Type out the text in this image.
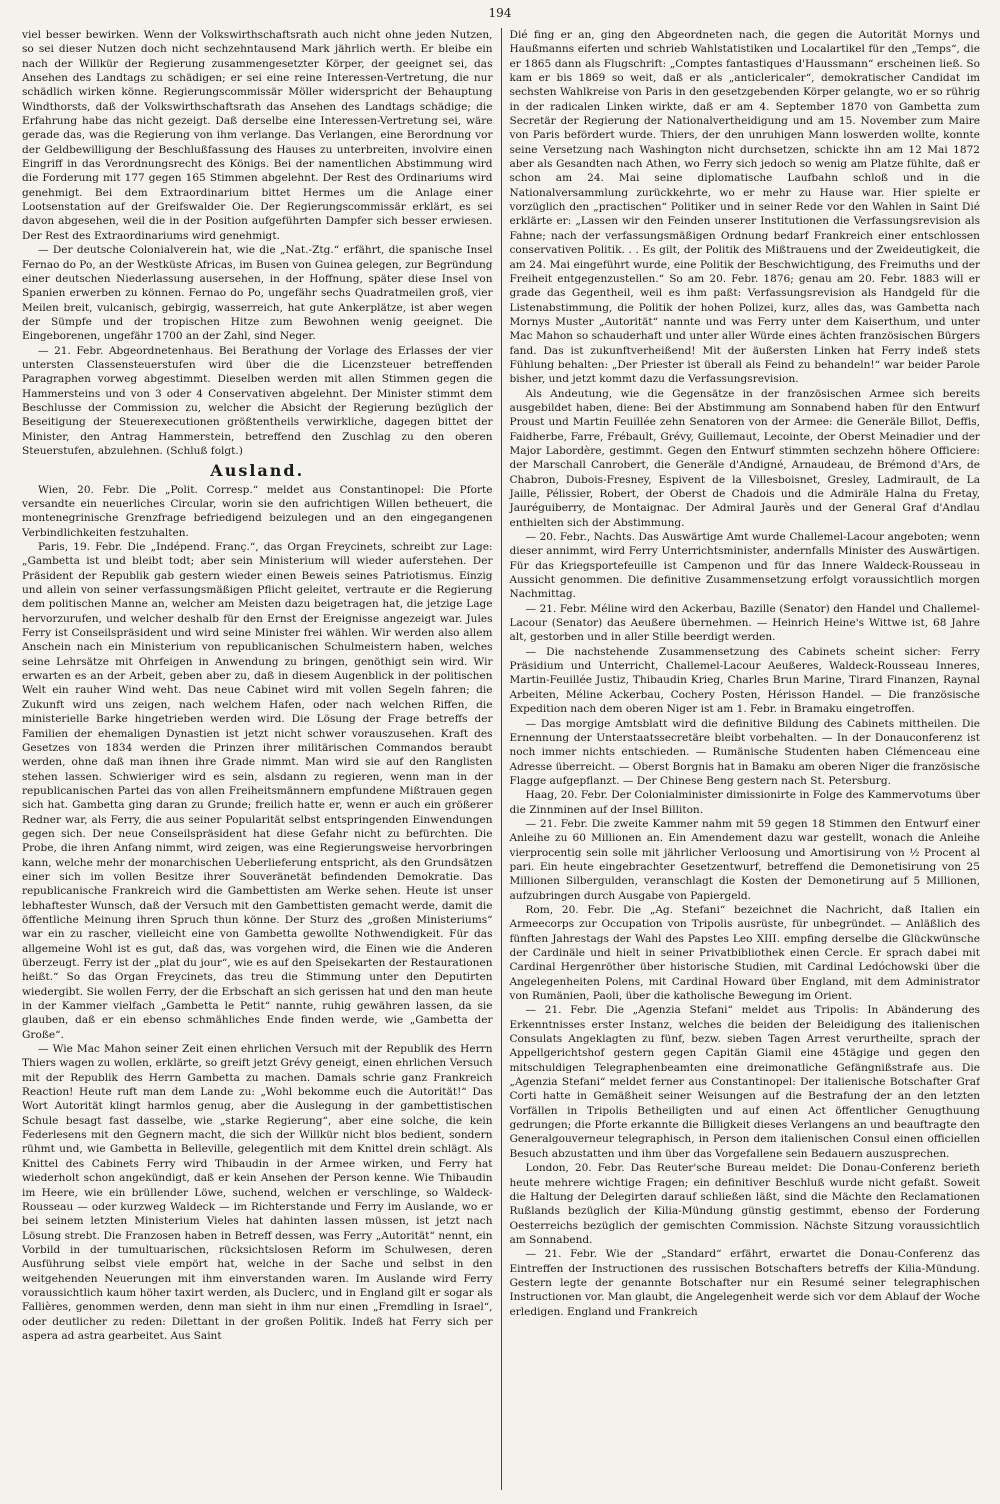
194

viel besser bewirken. Wenn der Volkswirthschaftsrath auch nicht ohne jeden Nutzen, so sei dieser Nutzen doch nicht sechzehntausend Mark jährlich werth. Er bleibe ein nach der Willkür der Regierung zusammengesetzter Körper, der geeignet sei, das Ansehen des Landtags zu schädigen; er sei eine reine Interessen-Vertretung, die nur schädlich wirken könne. Regierungscommissär Möller widerspricht der Behauptung Windthorsts, daß der Volkswirthschaftsrath das Ansehen des Landtags schädige; die Erfahrung habe das nicht gezeigt. Daß derselbe eine Interessen-Vertretung sei, wäre gerade das, was die Regierung von ihm verlange. Das Verlangen, eine Berordnung vor der Geldbewilligung der Beschlußfassung des Hauses zu unterbreiten, involvire einen Eingriff in das Verordnungsrecht des Königs. Bei der namentlichen Abstimmung wird die Forderung mit 177 gegen 165 Stimmen abgelehnt. Der Rest des Ordinariums wird genehmigt. Bei dem Extraordinarium bittet Hermes um die Anlage einer Lootsenstation auf der Greifswalder Oie. Der Regierungscommissär erklärt, es sei davon abgesehen, weil die in der Position aufgeführten Dampfer sich besser erwiesen. Der Rest des Extraordinariums wird genehmigt.

— Der deutsche Colonialverein hat, wie die „Nat.-Ztg.“ erfährt, die spanische Insel Fernao do Po, an der Westküste Africas, im Busen von Guinea gelegen, zur Begründung einer deutschen Niederlassung ausersehen, in der Hoffnung, später diese Insel von Spanien erwerben zu können. Fernao do Po, ungefähr sechs Quadratmeilen groß, vier Meilen breit, vulcanisch, gebirgig, wasserreich, hat gute Ankerplätze, ist aber wegen der Sümpfe und der tropischen Hitze zum Bewohnen wenig geeignet. Die Eingeborenen, ungefähr 1700 an der Zahl, sind Neger.

— 21. Febr. Abgeordnetenhaus. Bei Berathung der Vorlage des Erlasses der vier untersten Classensteuerstufen wird über die die Licenzsteuer betreffenden Paragraphen vorweg abgestimmt. Dieselben werden mit allen Stimmen gegen die Hammersteins und von 3 oder 4 Conservativen abgelehnt. Der Minister stimmt dem Beschlusse der Commission zu, welcher die Absicht der Regierung bezüglich der Beseitigung der Steuerexecutionen größtentheils verwirkliche, dagegen bittet der Minister, den Antrag Hammerstein, betreffend den Zuschlag zu den oberen Steuerstufen, abzulehnen. (Schluß folgt.)

Ausland.

Wien, 20. Febr. Die „Polit. Corresp.“ meldet aus Constantinopel: Die Pforte versandte ein neuerliches Circular, worin sie den aufrichtigen Willen betheuert, die montenegrinische Grenzfrage befriedigend beizulegen und an den eingegangenen Verbindlichkeiten festzuhalten.

Paris, 19. Febr. Die „Indépend. Franç.“, das Organ Freycinets, schreibt zur Lage: „Gambetta ist und bleibt todt; aber sein Ministerium will wieder auferstehen. Der Präsident der Republik gab gestern wieder einen Beweis seines Patriotismus. Einzig und allein von seiner verfassungsmäßigen Pflicht geleitet, vertraute er die Regierung dem politischen Manne an, welcher am Meisten dazu beigetragen hat, die jetzige Lage hervorzurufen, und welcher deshalb für den Ernst der Ereignisse angezeigt war. Jules Ferry ist Conseilspräsident und wird seine Minister frei wählen. Wir werden also allem Anschein nach ein Ministerium von republicanischen Schulmeistern haben, welches seine Lehrsätze mit Ohrfeigen in Anwendung zu bringen, genöthigt sein wird. Wir erwarten es an der Arbeit, geben aber zu, daß in diesem Augenblick in der politischen Welt ein rauher Wind weht. Das neue Cabinet wird mit vollen Segeln fahren; die Zukunft wird uns zeigen, nach welchem Hafen, oder nach welchen Riffen, die ministerielle Barke hingetrieben werden wird. Die Lösung der Frage betreffs der Familien der ehemaligen Dynastien ist jetzt nicht schwer vorauszusehen. Kraft des Gesetzes von 1834 werden die Prinzen ihrer militärischen Commandos beraubt werden, ohne daß man ihnen ihre Grade nimmt. Man wird sie auf den Ranglisten stehen lassen. Schwieriger wird es sein, alsdann zu regieren, wenn man in der republicanischen Partei das von allen Freiheitsmännern empfundene Mißtrauen gegen sich hat. Gambetta ging daran zu Grunde; freilich hatte er, wenn er auch ein größerer Redner war, als Ferry, die aus seiner Popularität selbst entspringenden Einwendungen gegen sich. Der neue Conseilspräsident hat diese Gefahr nicht zu befürchten. Die Probe, die ihren Anfang nimmt, wird zeigen, was eine Regierungsweise hervorbringen kann, welche mehr der monarchischen Ueberlieferung entspricht, als den Grundsätzen einer sich im vollen Besitze ihrer Souveränetät befindenden Demokratie. Das republicanische Frankreich wird die Gambettisten am Werke sehen. Heute ist unser lebhaftester Wunsch, daß der Versuch mit den Gambettisten gemacht werde, damit die öffentliche Meinung ihren Spruch thun könne. Der Sturz des „großen Ministeriums“ war ein zu rascher, vielleicht eine von Gambetta gewollte Nothwendigkeit. Für das allgemeine Wohl ist es gut, daß das, was vorgehen wird, die Einen wie die Anderen überzeugt. Ferry ist der „plat du jour“, wie es auf den Speisekarten der Restaurationen heißt.“ So das Organ Freycinets, das treu die Stimmung unter den Deputirten wiedergibt. Sie wollen Ferry, der die Erbschaft an sich gerissen hat und den man heute in der Kammer vielfach „Gambetta le Petit“ nannte, ruhig gewähren lassen, da sie glauben, daß er ein ebenso schmähliches Ende finden werde, wie „Gambetta der Große“.

— Wie Mac Mahon seiner Zeit einen ehrlichen Versuch mit der Republik des Herrn Thiers wagen zu wollen, erklärte, so greift jetzt Grévy geneigt, einen ehrlichen Versuch mit der Republik des Herrn Gambetta zu machen. Damals schrie ganz Frankreich Reaction! Heute ruft man dem Lande zu: „Wohl bekomme euch die Autorität!“ Das Wort Autorität klingt harmlos genug, aber die Auslegung in der gambettistischen Schule besagt fast dasselbe, wie „starke Regierung“, aber eine solche, die kein Federlesens mit den Gegnern macht, die sich der Willkür nicht blos bedient, sondern rühmt und, wie Gambetta in Belleville, gelegentlich mit dem Knittel drein schlägt. Als Knittel des Cabinets Ferry wird Thibaudin in der Armee wirken, und Ferry hat wiederholt schon angekündigt, daß er kein Ansehen der Person kenne. Wie Thibaudin im Heere, wie ein brüllender Löwe, suchend, welchen er verschlinge, so Waldeck-Rousseau — oder kurzweg Waldeck — im Richterstande und Ferry im Auslande, wo er bei seinem letzten Ministerium Vieles hat dahinten lassen müssen, ist jetzt nach Lösung strebt. Die Franzosen haben in Betreff dessen, was Ferry „Autorität“ nennt, ein Vorbild in der tumultuarischen, rücksichtslosen Reform im Schulwesen, deren Ausführung selbst viele empört hat, welche in der Sache und selbst in den weitgehenden Neuerungen mit ihm einverstanden waren. Im Auslande wird Ferry voraussichtlich kaum höher taxirt werden, als Duclerc, und in England gilt er sogar als Fallières, genommen werden, denn man sieht in ihm nur einen „Fremdling in Israel“, oder deutlicher zu reden: Dilettant in der großen Politik. Indeß hat Ferry sich per aspera ad astra gearbeitet. Aus Saint

Dié fing er an, ging den Abgeordneten nach, die gegen die Autorität Mornys und Haußmanns eiferten und schrieb Wahlstatistiken und Localartikel für den „Temps“, die er 1865 dann als Flugschrift: „Comptes fantastiques d'Haussmann“ erscheinen ließ. So kam er bis 1869 so weit, daß er als „anticlericaler“, demokratischer Candidat im sechsten Wahlkreise von Paris in den gesetzgebenden Körper gelangte, wo er so rührig in der radicalen Linken wirkte, daß er am 4. September 1870 von Gambetta zum Secretär der Regierung der Nationalvertheidigung und am 15. November zum Maire von Paris befördert wurde. Thiers, der den unruhigen Mann loswerden wollte, konnte seine Versetzung nach Washington nicht durchsetzen, schickte ihn am 12 Mai 1872 aber als Gesandten nach Athen, wo Ferry sich jedoch so wenig am Platze fühlte, daß er schon am 24. Mai seine diplomatische Laufbahn schloß und in die Nationalversammlung zurückkehrte, wo er mehr zu Hause war. Hier spielte er vorzüglich den „practischen“ Politiker und in seiner Rede vor den Wahlen in Saint Dié erklärte er: „Lassen wir den Feinden unserer Institutionen die Verfassungsrevision als Fahne; nach der verfassungsmäßigen Ordnung bedarf Frankreich einer entschlossen conservativen Politik. . . Es gilt, der Politik des Mißtrauens und der Zweideutigkeit, die am 24. Mai eingeführt wurde, eine Politik der Beschwichtigung, des Freimuths und der Freiheit entgegenzustellen.“ So am 20. Febr. 1876; genau am 20. Febr. 1883 will er grade das Gegentheil, weil es ihm paßt: Verfassungsrevision als Handgeld für die Listenabstimmung, die Politik der hohen Polizei, kurz, alles das, was Gambetta nach Mornys Muster „Autorität“ nannte und was Ferry unter dem Kaiserthum, und unter Mac Mahon so schauderhaft und unter aller Würde eines ächten französischen Bürgers fand. Das ist zukunftverheißend! Mit der äußersten Linken hat Ferry indeß stets Fühlung behalten: „Der Priester ist überall als Feind zu behandeln!“ war beider Parole bisher, und jetzt kommt dazu die Verfassungsrevision.

Als Andeutung, wie die Gegensätze in der französischen Armee sich bereits ausgebildet haben, diene: Bei der Abstimmung am Sonnabend haben für den Entwurf Proust und Martin Feuillée zehn Senatoren von der Armee: die Generäle Billot, Deffis, Faidherbe, Farre, Frébault, Grévy, Guillemaut, Lecointe, der Oberst Meinadier und der Major Labordère, gestimmt. Gegen den Entwurf stimmten sechzehn höhere Officiere: der Marschall Canrobert, die Generäle d'Andigné, Arnaudeau, de Brémond d'Ars, de Chabron, Dubois-Fresney, Espivent de la Villesboisnet, Gresley, Ladmirault, de La Jaille, Pélissier, Robert, der Oberst de Chadois und die Admiräle Halna du Fretay, Jauréguiberry, de Montaignac. Der Admiral Jaurès und der General Graf d'Andlau enthielten sich der Abstimmung.

— 20. Febr., Nachts. Das Auswärtige Amt wurde Challemel-Lacour angeboten; wenn dieser annimmt, wird Ferry Unterrichtsminister, andernfalls Minister des Auswärtigen. Für das Kriegsportefeuille ist Campenon und für das Innere Waldeck-Rousseau in Aussicht genommen. Die definitive Zusammensetzung erfolgt voraussichtlich morgen Nachmittag.

— 21. Febr. Méline wird den Ackerbau, Bazille (Senator) den Handel und Challemel-Lacour (Senator) das Aeußere übernehmen. — Heinrich Heine's Wittwe ist, 68 Jahre alt, gestorben und in aller Stille beerdigt werden.

— Die nachstehende Zusammensetzung des Cabinets scheint sicher: Ferry Präsidium und Unterricht, Challemel-Lacour Aeußeres, Waldeck-Rousseau Inneres, Martin-Feuillée Justiz, Thibaudin Krieg, Charles Brun Marine, Tirard Finanzen, Raynal Arbeiten, Méline Ackerbau, Cochery Posten, Hérisson Handel. — Die französische Expedition nach dem oberen Niger ist am 1. Febr. in Bramaku eingetroffen.

— Das morgige Amtsblatt wird die definitive Bildung des Cabinets mittheilen. Die Ernennung der Unterstaatssecretäre bleibt vorbehalten. — In der Donauconferenz ist noch immer nichts entschieden. — Rumänische Studenten haben Clémenceau eine Adresse überreicht. — Oberst Borgnis hat in Bamaku am oberen Niger die französische Flagge aufgepflanzt. — Der Chinese Beng gestern nach St. Petersburg.

Haag, 20. Febr. Der Colonialminister dimissionirte in Folge des Kammervotums über die Zinnminen auf der Insel Billiton.

— 21. Febr. Die zweite Kammer nahm mit 59 gegen 18 Stimmen den Entwurf einer Anleihe zu 60 Millionen an. Ein Amendement dazu war gestellt, wonach die Anleihe vierprocentig sein solle mit jährlicher Verloosung und Amortisirung von ½ Procent al pari. Ein heute eingebrachter Gesetzentwurf, betreffend die Demonetisirung von 25 Millionen Silbergulden, veranschlagt die Kosten der Demonetirung auf 5 Millionen, aufzubringen durch Ausgabe von Papiergeld.

Rom, 20. Febr. Die „Ag. Stefani“ bezeichnet die Nachricht, daß Italien ein Armeecorps zur Occupation von Tripolis ausrüste, für unbegründet. — Anläßlich des fünften Jahrestags der Wahl des Papstes Leo XIII. empfing derselbe die Glückwünsche der Cardinäle und hielt in seiner Privatbibliothek einen Cercle. Er sprach dabei mit Cardinal Hergenröther über historische Studien, mit Cardinal Ledóchowski über die Angelegenheiten Polens, mit Cardinal Howard über England, mit dem Administrator von Rumänien, Paoli, über die katholische Bewegung im Orient.

— 21. Febr. Die „Agenzia Stefani“ meldet aus Tripolis: In Abänderung des Erkenntnisses erster Instanz, welches die beiden der Beleidigung des italienischen Consulats Angeklagten zu fünf, bezw. sieben Tagen Arrest verurtheilte, sprach der Appellgerichtshof gestern gegen Capitän Giamil eine 45tägige und gegen den mitschuldigen Telegraphenbeamten eine dreimonatliche Gefängnißstrafe aus. Die „Agenzia Stefani“ meldet ferner aus Constantinopel: Der italienische Botschafter Graf Corti hatte in Gemäßheit seiner Weisungen auf die Bestrafung der an den letzten Vorfällen in Tripolis Betheiligten und auf einen Act öffentlicher Genugthuung gedrungen; die Pforte erkannte die Billigkeit dieses Verlangens an und beauftragte den Generalgouverneur telegraphisch, in Person dem italienischen Consul einen officiellen Besuch abzustatten und ihm über das Vorgefallene sein Bedauern auszusprechen.

London, 20. Febr. Das Reuter'sche Bureau meldet: Die Donau-Conferenz berieth heute mehrere wichtige Fragen; ein definitiver Beschluß wurde nicht gefaßt. Soweit die Haltung der Delegirten darauf schließen läßt, sind die Mächte den Reclamationen Rußlands bezüglich der Kilia-Mündung günstig gestimmt, ebenso der Forderung Oesterreichs bezüglich der gemischten Commission. Nächste Sitzung voraussichtlich am Sonnabend.

— 21. Febr. Wie der „Standard“ erfährt, erwartet die Donau-Conferenz das Eintreffen der Instructionen des russischen Botschafters betreffs der Kilia-Mündung. Gestern legte der genannte Botschafter nur ein Resumé seiner telegraphischen Instructionen vor. Man glaubt, die Angelegenheit werde sich vor dem Ablauf der Woche erledigen. England und Frankreich
